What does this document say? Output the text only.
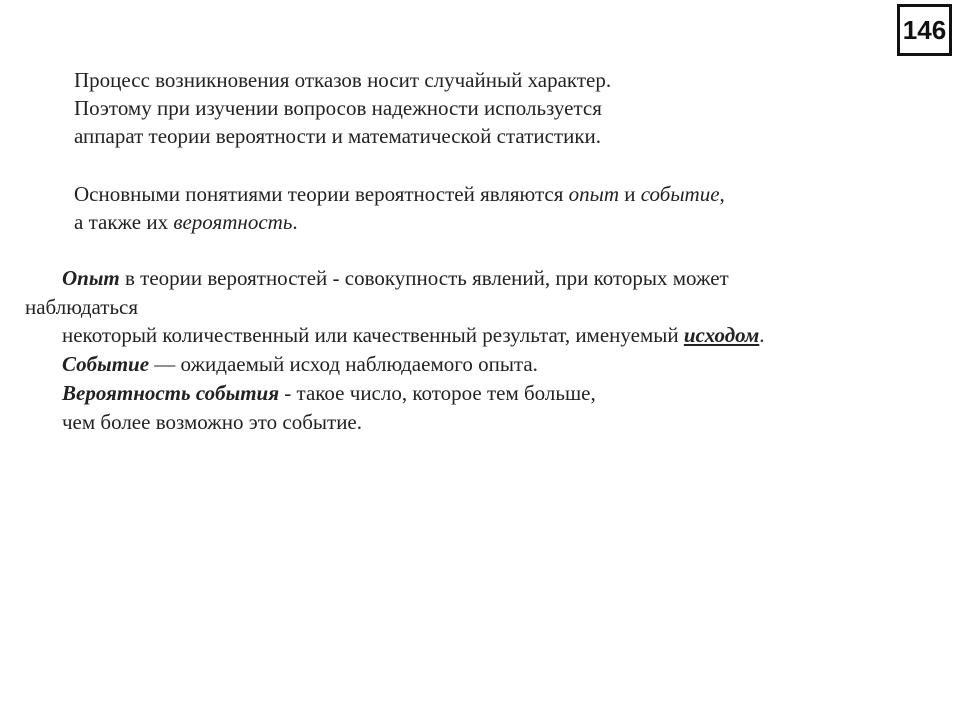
146
Процесс возникновения отказов носит случайный характер.
Поэтому при изучении вопросов надежности используется
аппарат теории вероятности и математической статистики.
Основными понятиями теории вероятностей являются опыт и событие,
а также их вероятность.
Опыт в теории вероятностей - совокупность явлений, при которых может
наблюдаться
некоторый количественный или качественный результат, именуемый исходом.
Событие — ожидаемый исход наблюдаемого опыта.
Вероятность события - такое число, которое тем больше,
чем более возможно это событие.
